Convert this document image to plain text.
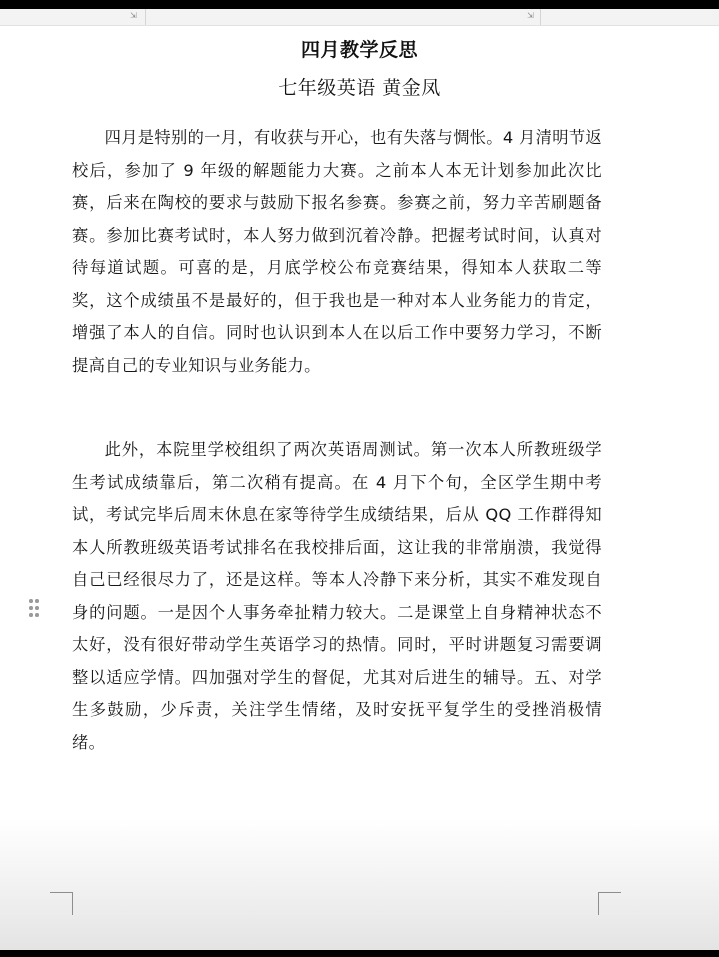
⇲	⇲
四月教学反思
七年级英语 黄金凤

四月是特别的一月，有收获与开心，也有失落与惆怅。4 月清明节返校后，参加了 9 年级的解题能力大赛。之前本人本无计划参加此次比赛，后来在陶校的要求与鼓励下报名参赛。参赛之前，努力辛苦刷题备赛。参加比赛考试时，本人努力做到沉着冷静。把握考试时间，认真对待每道试题。可喜的是，月底学校公布竞赛结果，得知本人获取二等奖，这个成绩虽不是最好的，但于我也是一种对本人业务能力的肯定，增强了本人的自信。同时也认识到本人在以后工作中要努力学习，不断提高自己的专业知识与业务能力。

此外，本院里学校组织了两次英语周测试。第一次本人所教班级学生考试成绩靠后，第二次稍有提高。在 4 月下个旬，全区学生期中考试，考试完毕后周末休息在家等待学生成绩结果，后从 QQ 工作群得知本人所教班级英语考试排名在我校排后面，这让我的非常崩溃，我觉得自己已经很尽力了，还是这样。等本人冷静下来分析，其实不难发现自身的问题。一是因个人事务牵扯精力较大。二是课堂上自身精神状态不太好，没有很好带动学生英语学习的热情。同时，平时讲题复习需要调整以适应学情。四加强对学生的督促，尤其对后进生的辅导。五、对学生多鼓励，少斥责，关注学生情绪，及时安抚平复学生的受挫消极情绪。
